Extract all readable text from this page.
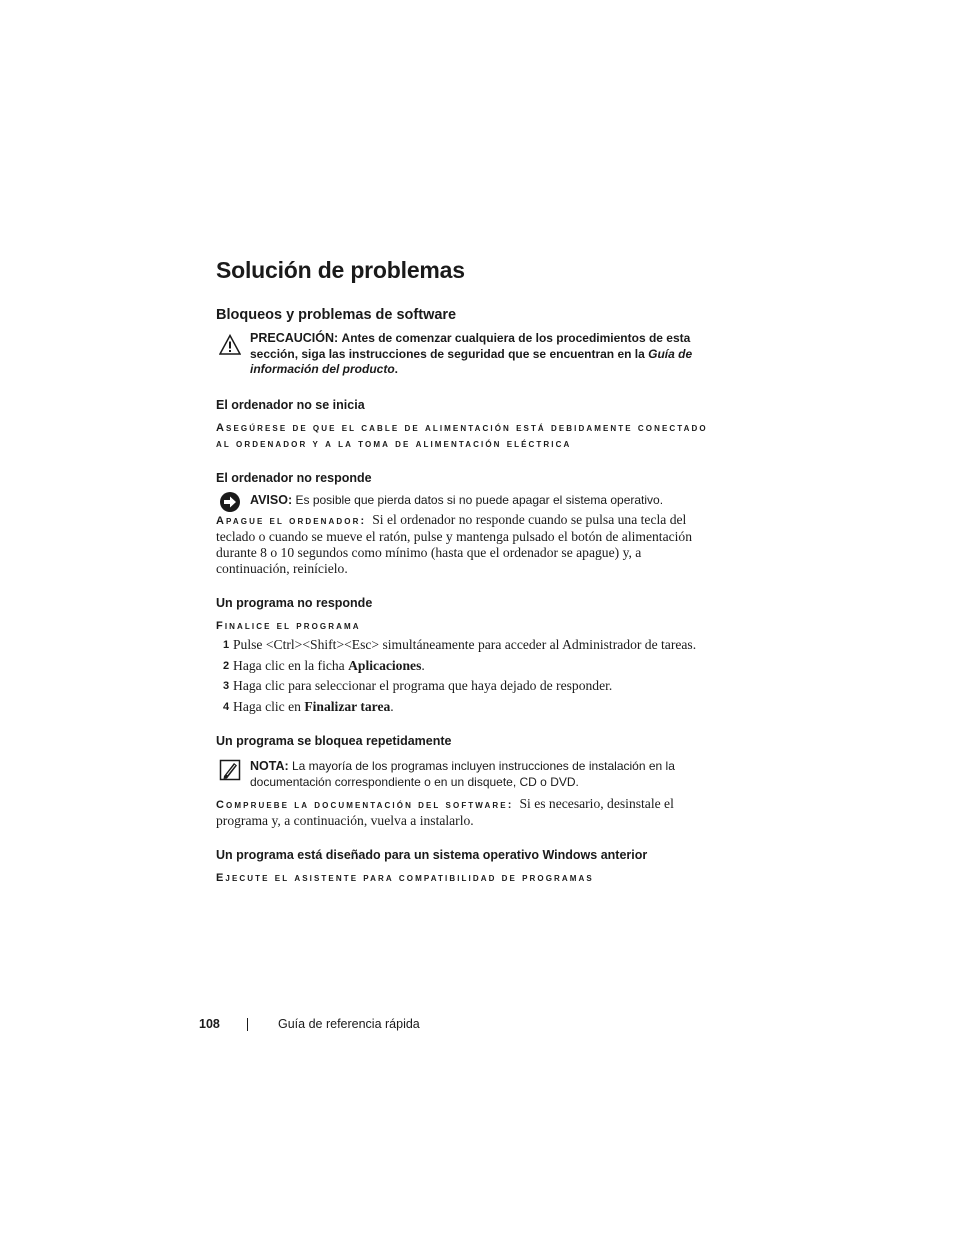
Solución de problemas
Bloqueos y problemas de software
PRECAUCIÓN: Antes de comenzar cualquiera de los procedimientos de esta sección, siga las instrucciones de seguridad que se encuentran en la Guía de información del producto.
El ordenador no se inicia
Asegúrese de que el cable de alimentación está debidamente conectado al ordenador y a la toma de alimentación eléctrica
El ordenador no responde
AVISO: Es posible que pierda datos si no puede apagar el sistema operativo.
Apague el ordenador: Si el ordenador no responde cuando se pulsa una tecla del teclado o cuando se mueve el ratón, pulse y mantenga pulsado el botón de alimentación durante 8 o 10 segundos como mínimo (hasta que el ordenador se apague) y, a continuación, reinícielo.
Un programa no responde
Finalice el programa
1 Pulse <Ctrl><Shift><Esc> simultáneamente para acceder al Administrador de tareas.
2 Haga clic en la ficha Aplicaciones.
3 Haga clic para seleccionar el programa que haya dejado de responder.
4 Haga clic en Finalizar tarea.
Un programa se bloquea repetidamente
NOTA: La mayoría de los programas incluyen instrucciones de instalación en la documentación correspondiente o en un disquete, CD o DVD.
Compruebe la documentación del software: Si es necesario, desinstale el programa y, a continuación, vuelva a instalarlo.
Un programa está diseñado para un sistema operativo Windows anterior
Ejecute el asistente para compatibilidad de programas
108	Guía de referencia rápida
